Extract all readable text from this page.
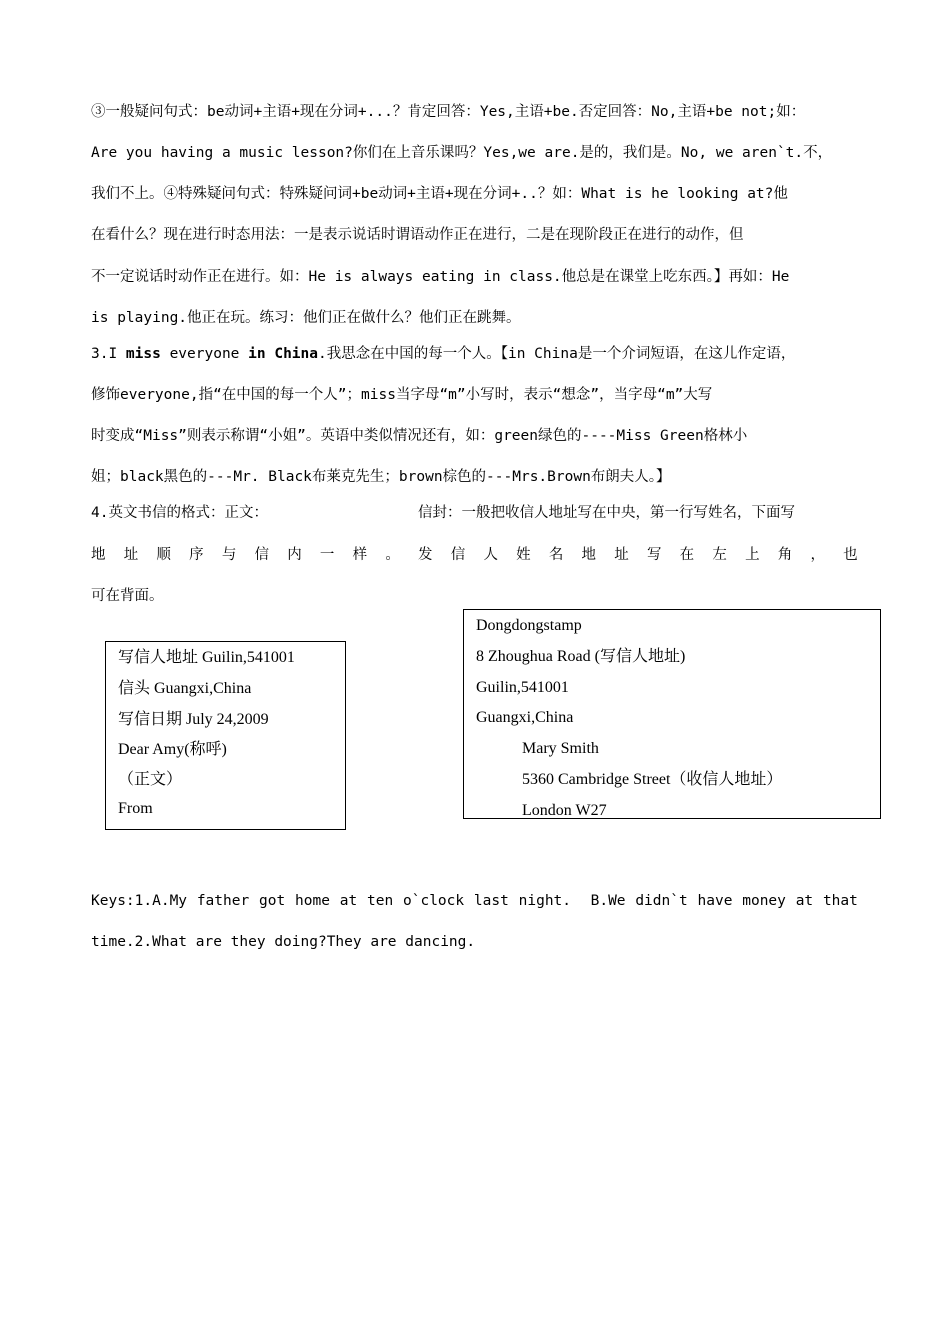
③一般疑问句式：be动词+主语+现在分词+...？肯定回答：Yes,主语+be.否定回答：No,主语+be not;如：
Are you having a music lesson?你们在上音乐课吗？Yes,we are.是的，我们是。No, we aren`t.不，
我们不上。④特殊疑问句式：特殊疑问词+be动词+主语+现在分词+..？如：What is he looking at?他
在看什么？现在进行时态用法：一是表示说话时谓语动作正在进行，二是在现阶段正在进行的动作，但
不一定说话时动作正在进行。如：He is always eating in class.他总是在课堂上吃东西。】再如：He
is playing.他正在玩。练习：他们正在做什么？他们正在跳舞。
3.I miss everyone in China.我思念在中国的每一个人。【in China是一个介词短语，在这儿作定语，
修饰everyone,指“在中国的每一个人”；miss当字母“m”小写时，表示“想念”，当字母“m”大写
时变成“Miss”则表示称谓“小姐”。英语中类似情况还有，如：green绿色的----Miss Green格林小
姐；black黑色的---Mr. Black布莱克先生；brown棕色的---Mrs.Brown布朗夫人。】
4.英文书信的格式：正文：	信封：一般把收信人地址写在中央，第一行写姓名，下面写
地 址 顺 序 与 信 内 一 样 。 发 信 人 姓 名 地 址 写 在 左 上 角 ， 也
可在背面。
写信人地址 Guilin,541001
信头 Guangxi,China
写信日期 July 24,2009
Dear Amy(称呼)
（正文）
From
Dongdongstamp
8 Zhoughua Road (写信人地址)
Guilin,541001
Guangxi,China
Mary Smith
5360 Cambridge Street（收信人地址）
London W27
Keys:1.A.My father got home at ten o`clock last night. B.We didn`t have money at that
time.2.What are they doing?They are dancing.
